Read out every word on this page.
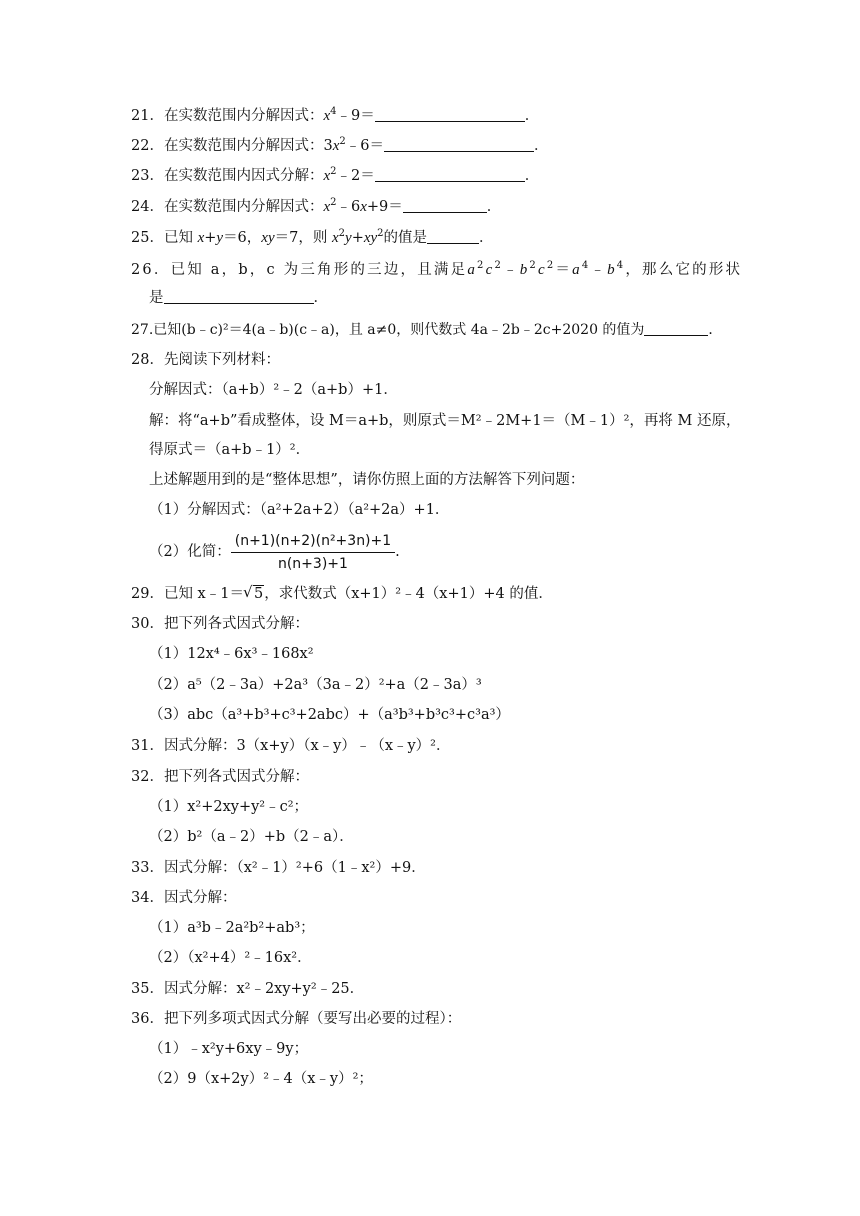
21．在实数范围内分解因式：$x^4﹣9=$	．
22．在实数范围内分解因式：$3x^2﹣6=$	．
23．在实数范围内因式分解：$x^2﹣2=$	．
24．在实数范围内分解因式：$x^2﹣6x+9=$	．
25．已知 x+y＝6，xy＝7，则 $x^2y+xy^2$的值是	．
26．已知 a，b，c 为三角形的三边，且满足$a^2c^2﹣b^2c^2=a^4﹣b^4$，那么它的形状
是	．
27.已知(b﹣c)²＝4(a﹣b)(c﹣a)，且 a≠0，则代数式 4a﹣2b﹣2c+2020 的值为	．
28．先阅读下列材料：
分解因式：（a+b）²﹣2（a+b）+1．
解：将“a+b”看成整体，设 M＝a+b，则原式＝M²﹣2M+1＝（M﹣1）²，再将 M 还原，
得原式＝（a+b﹣1）²．
上述解题用到的是“整体思想”，请你仿照上面的方法解答下列问题：
（1）分解因式：（a²+2a+2）（a²+2a）+1．
（2）化简： $\frac{\text{(n+1)(n+2)(n²+3n)+1}}{n(n+3)+1}$ .
29．已知 x﹣1＝√ 5，求代数式（x+1）²﹣4（x+1）+4 的值．
30．把下列各式因式分解：
（1）12x⁴﹣6x³﹣168x²
（2）a⁵（2﹣3a）+2a³（3a﹣2）²+a（2﹣3a）³
（3）abc（a³+b³+c³+2abc）+（a³b³+b³c³+c³a³）
31．因式分解：3（x+y）（x﹣y）﹣（x﹣y）²．
32．把下列各式因式分解：
（1）x²+2xy+y²﹣c²；
（2）b²（a﹣2）+b（2﹣a）．
33．因式分解：（x²﹣1）²+6（1﹣x²）+9．
34．因式分解：
（1）a³b﹣2a²b²+ab³；
（2）（x²+4）²﹣16x²．
35．因式分解：x²﹣2xy+y²﹣25．
36．把下列多项式因式分解（要写出必要的过程）：
（1）﹣x²y+6xy﹣9y；
（2）9（x+2y）²﹣4（x﹣y）²；
